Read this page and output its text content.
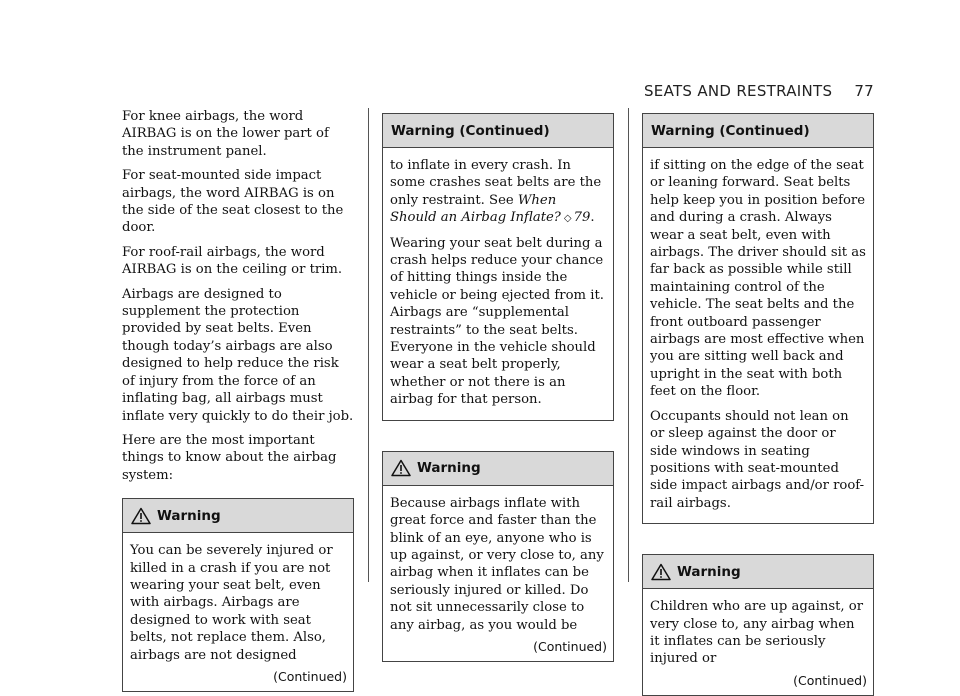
SEATS AND RESTRAINTS 77

For knee airbags, the word AIRBAG is on the lower part of the instrument panel.

For seat-mounted side impact airbags, the word AIRBAG is on the side of the seat closest to the door.

For roof-rail airbags, the word AIRBAG is on the ceiling or trim.

Airbags are designed to supplement the protection provided by seat belts. Even though today’s airbags are also designed to help reduce the risk of injury from the force of an inflating bag, all airbags must inflate very quickly to do their job.

Here are the most important things to know about the airbag system:

Warning

You can be severely injured or killed in a crash if you are not wearing your seat belt, even with airbags. Airbags are designed to work with seat belts, not replace them. Also, airbags are not designed

(Continued)
Warning (Continued)

to inflate in every crash. In some crashes seat belts are the only restraint. See When Should an Airbag Inflate? ◇ 79.

Wearing your seat belt during a crash helps reduce your chance of hitting things inside the vehicle or being ejected from it. Airbags are “supplemental restraints” to the seat belts. Everyone in the vehicle should wear a seat belt properly, whether or not there is an airbag for that person.

Warning

Because airbags inflate with great force and faster than the blink of an eye, anyone who is up against, or very close to, any airbag when it inflates can be seriously injured or killed. Do not sit unnecessarily close to any airbag, as you would be

(Continued)
Warning (Continued)

if sitting on the edge of the seat or leaning forward. Seat belts help keep you in position before and during a crash. Always wear a seat belt, even with airbags. The driver should sit as far back as possible while still maintaining control of the vehicle. The seat belts and the front outboard passenger airbags are most effective when you are sitting well back and upright in the seat with both feet on the floor.

Occupants should not lean on or sleep against the door or side windows in seating positions with seat-mounted side impact airbags and/or roof-rail airbags.

Warning

Children who are up against, or very close to, any airbag when it inflates can be seriously injured or

(Continued)
